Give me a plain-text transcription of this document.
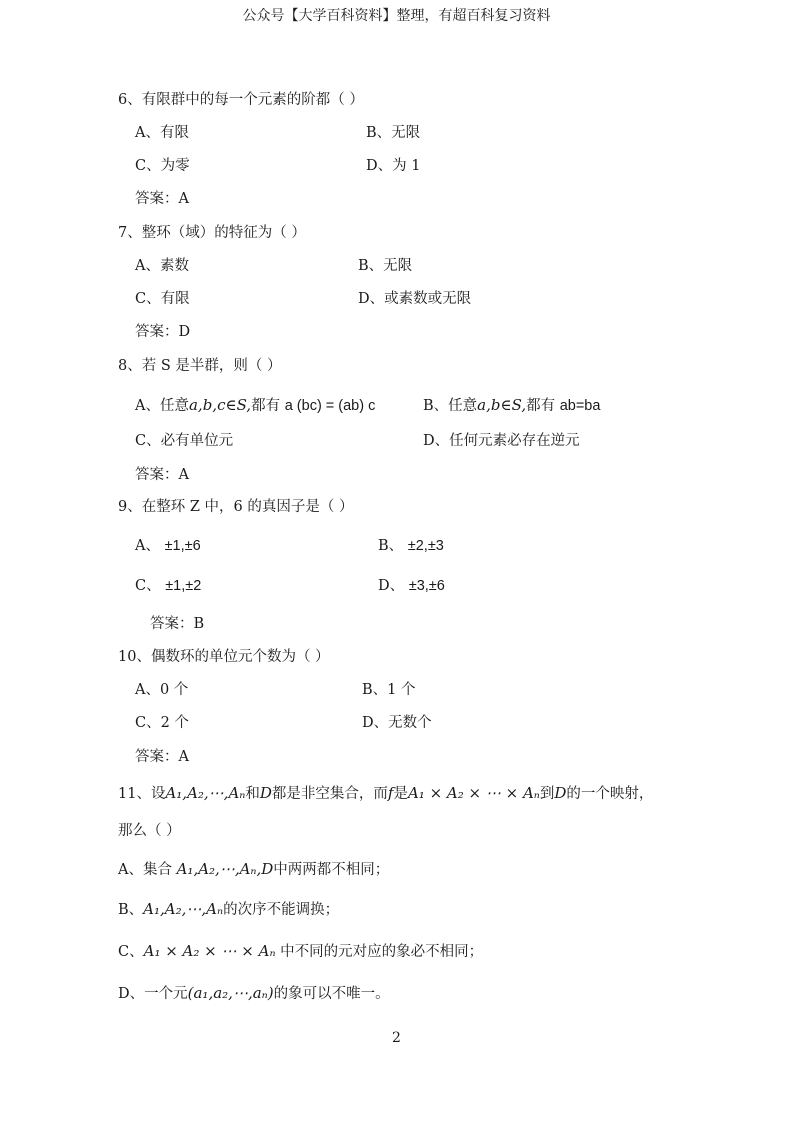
公众号【大学百科资料】整理，有超百科复习资料
6、有限群中的每一个元素的阶都（ ）
A、有限	B、无限
C、为零	D、为 1
答案：A
7、整环（域）的特征为（ ）
A、素数	B、无限
C、有限	D、或素数或无限
答案：D
8、若 S 是半群，则（ ）
A、任意a,b,c∈S,都有 a (bc) = (ab) c	B、任意a,b∈S,都有 ab=ba
C、必有单位元	D、任何元素必存在逆元
答案：A
9、在整环 Z 中，6 的真因子是（ ）
A、 ±1,±6	B、 ±2,±3
C、 ±1,±2	D、 ±3,±6
答案：B
10、偶数环的单位元个数为（ ）
A、0 个	B、1 个
C、2 个	D、无数个
答案：A
11、设A₁,A₂,⋯,Aₙ和D都是非空集合，而f是A₁ × A₂ × ⋯ × Aₙ到D的一个映射，
那么（ ）
A、集合 A₁,A₂,⋯,Aₙ,D中两两都不相同；
B、A₁,A₂,⋯,Aₙ的次序不能调换；
C、A₁ × A₂ × ⋯ × Aₙ 中不同的元对应的象必不相同；
D、一个元(a₁,a₂,⋯,aₙ)的象可以不唯一。
2
